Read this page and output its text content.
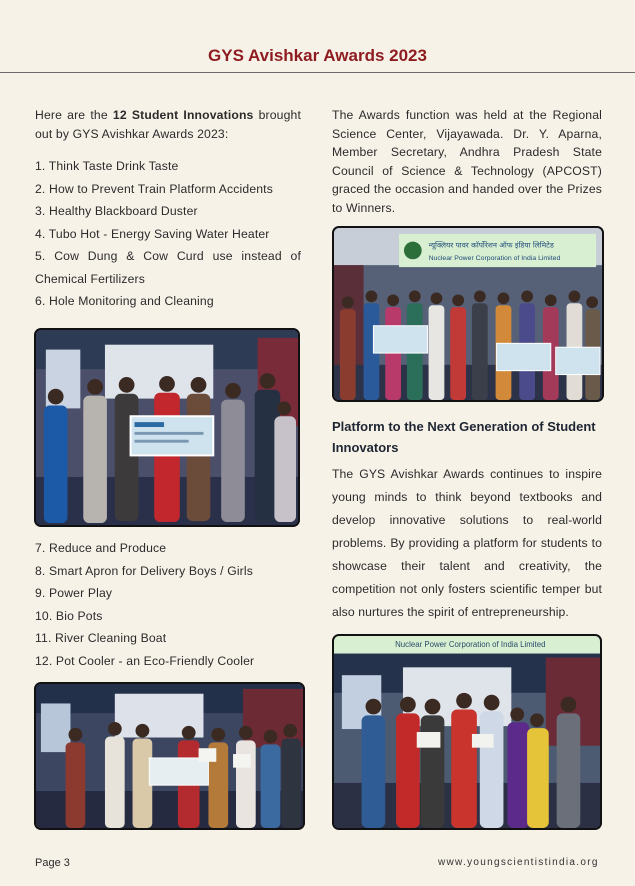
GYS Avishkar Awards 2023

Here are the 12 Student Innovations brought out by GYS Avishkar Awards 2023:

1. Think Taste Drink Taste
2. How to Prevent Train Platform Accidents
3. Healthy Blackboard Duster
4. Tubo Hot - Energy Saving Water Heater
5. Cow Dung & Cow Curd use instead of
Chemical Fertilizers
6. Hole Monitoring and Cleaning
7. Reduce and Produce
8. Smart Apron for Delivery Boys / Girls
9. Power Play
10. Bio Pots
11. River Cleaning Boat
12. Pot Cooler - an Eco-Friendly Cooler

The Awards function was held at the Regional Science Center, Vijayawada. Dr. Y. Aparna, Member Secretary, Andhra Pradesh State Council of Science & Technology (APCOST) graced the occasion and handed over the Prizes to Winners.

न्यूक्लियर पावर कॉर्पोरेशन ऑफ इंडिया लिमिटेड
Nuclear Power Corporation of India Limited
Platform to the Next Generation of Student Innovators

The GYS Avishkar Awards continues to inspire young minds to think beyond textbooks and develop innovative solutions to real-world problems. By providing a platform for students to showcase their talent and creativity, the competition not only fosters scientific temper but also nurtures the spirit of entrepreneurship.

Nuclear Power Corporation of India Limited
Page 3	www.youngscientistindia.org
